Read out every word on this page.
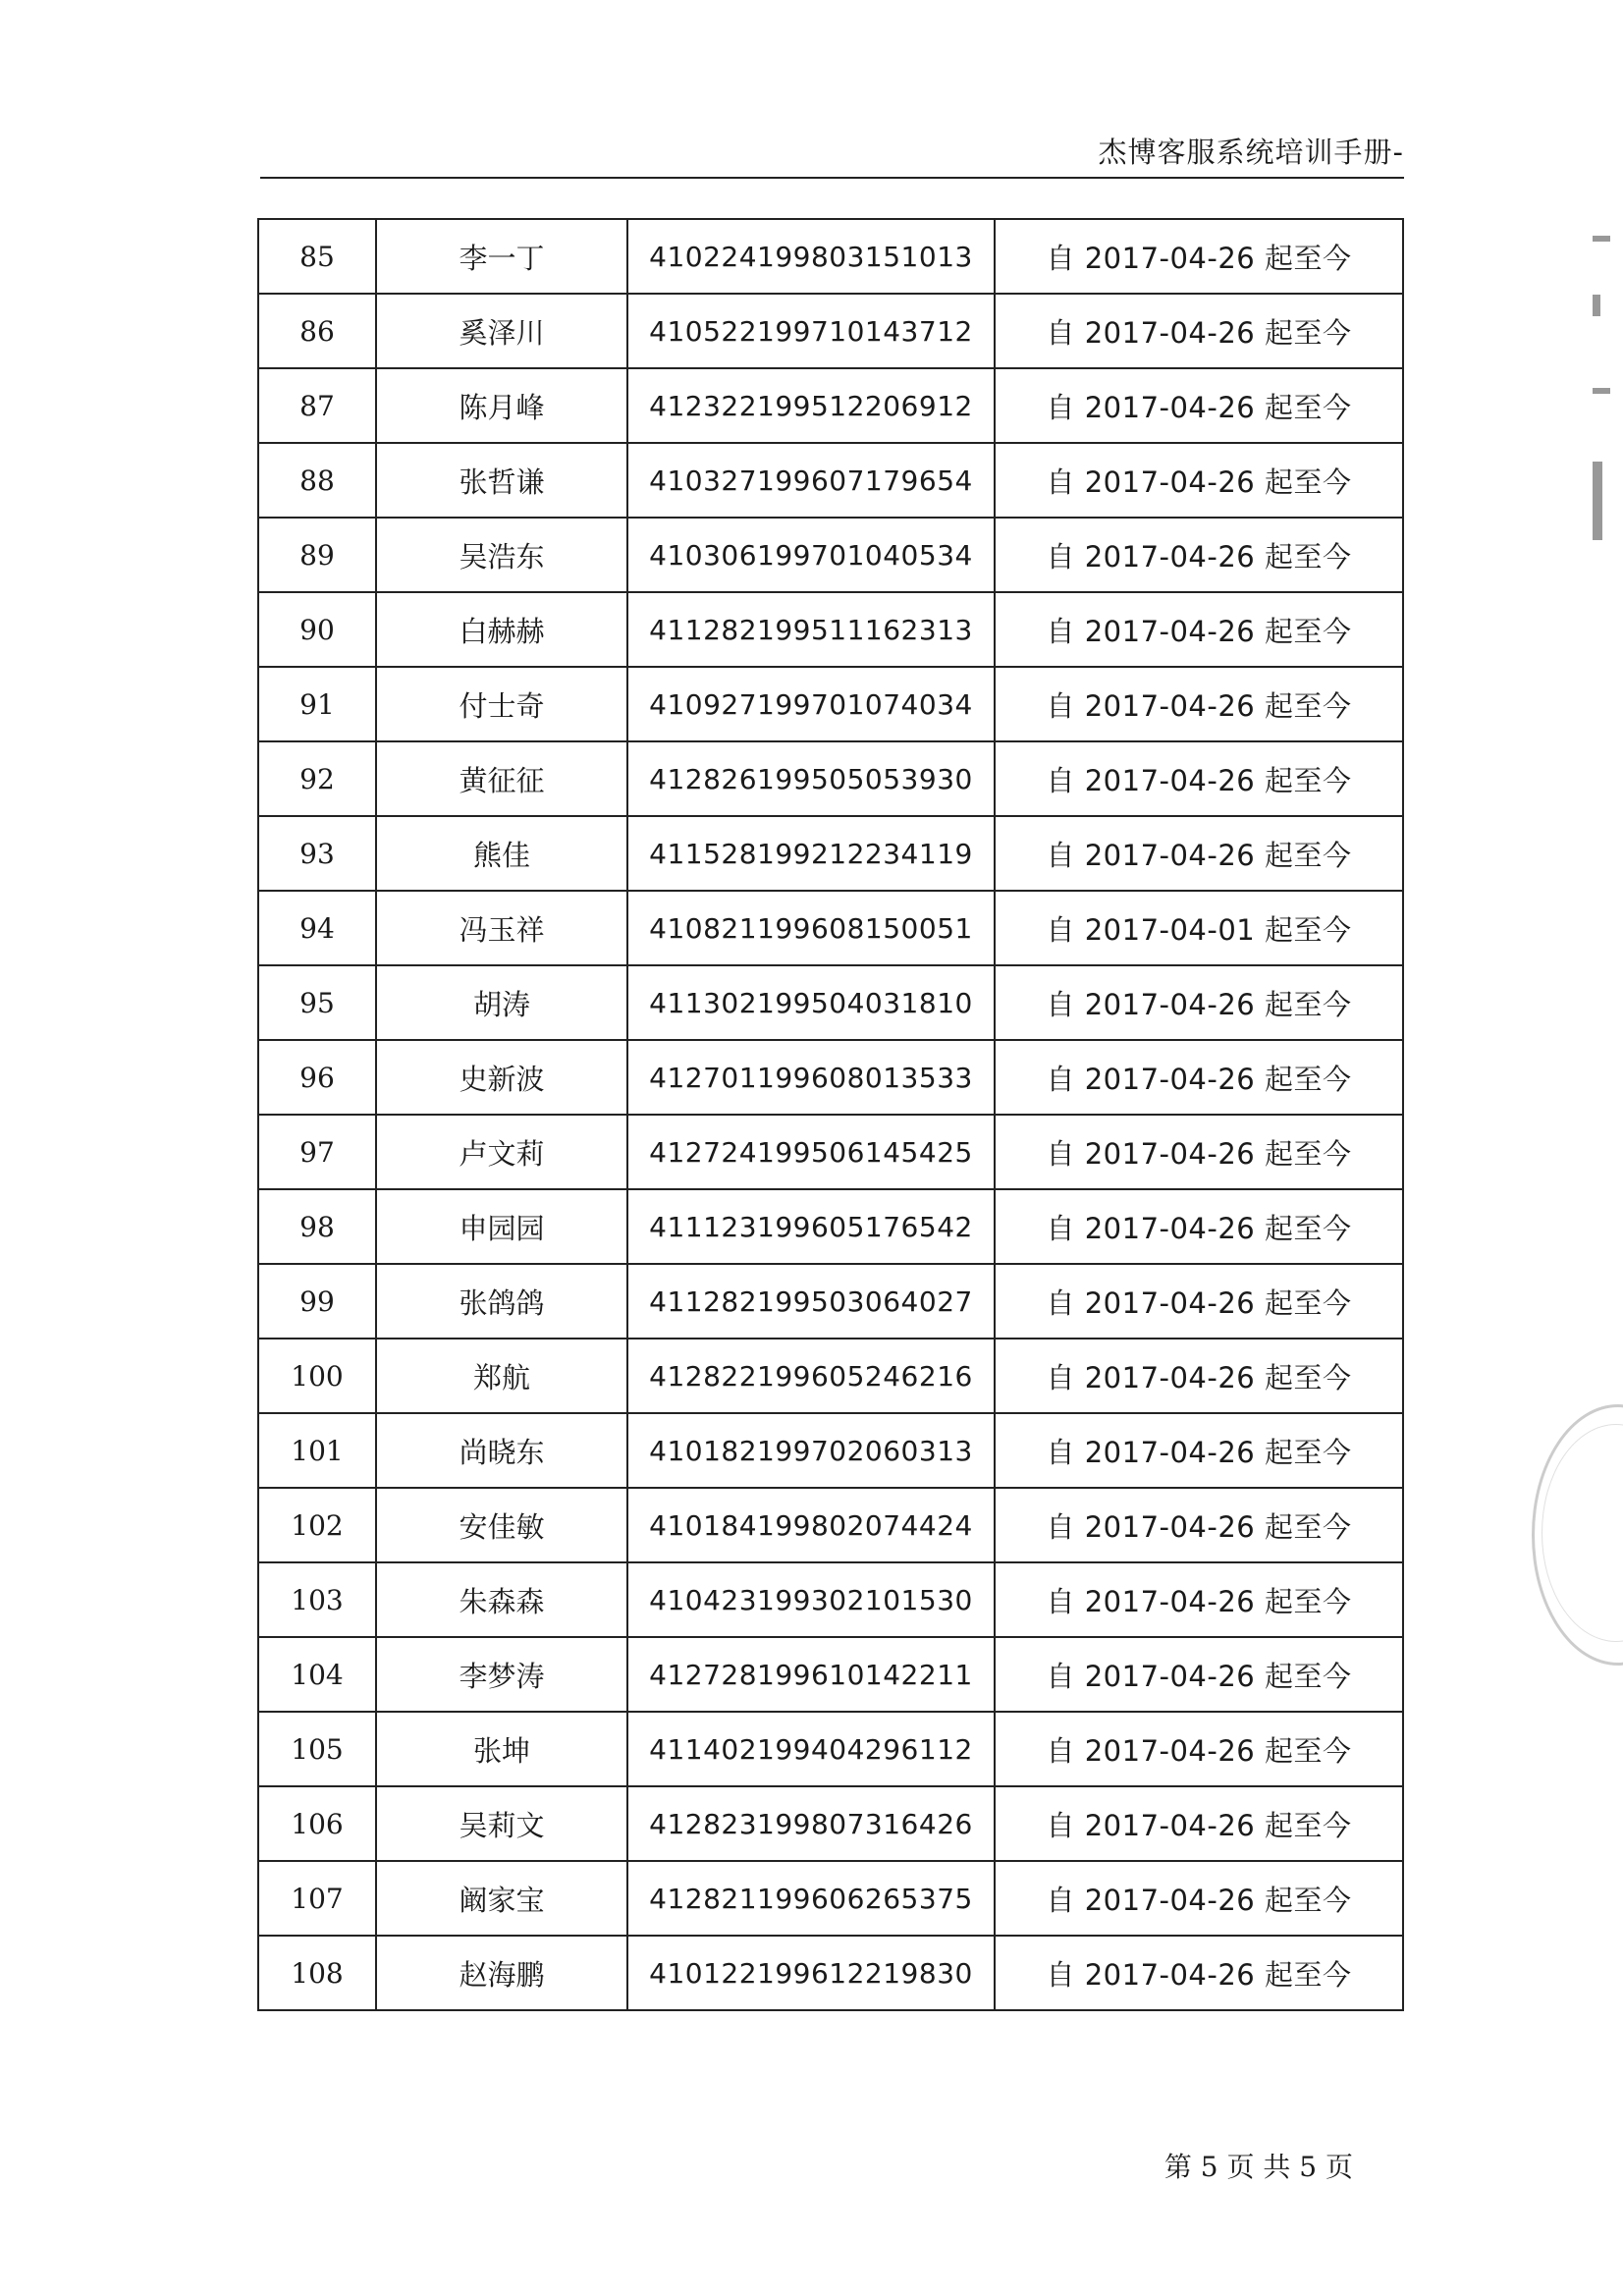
杰博客服系统培训手册-
85	李一丁	410224199803151013	自 2017-04-26 起至今
86	奚泽川	410522199710143712	自 2017-04-26 起至今
87	陈月峰	412322199512206912	自 2017-04-26 起至今
88	张哲谦	410327199607179654	自 2017-04-26 起至今
89	吴浩东	410306199701040534	自 2017-04-26 起至今
90	白赫赫	411282199511162313	自 2017-04-26 起至今
91	付士奇	410927199701074034	自 2017-04-26 起至今
92	黄征征	412826199505053930	自 2017-04-26 起至今
93	熊佳	411528199212234119	自 2017-04-26 起至今
94	冯玉祥	410821199608150051	自 2017-04-01 起至今
95	胡涛	411302199504031810	自 2017-04-26 起至今
96	史新波	412701199608013533	自 2017-04-26 起至今
97	卢文莉	412724199506145425	自 2017-04-26 起至今
98	申园园	411123199605176542	自 2017-04-26 起至今
99	张鸽鸽	411282199503064027	自 2017-04-26 起至今
100	郑航	412822199605246216	自 2017-04-26 起至今
101	尚晓东	410182199702060313	自 2017-04-26 起至今
102	安佳敏	410184199802074424	自 2017-04-26 起至今
103	朱森森	410423199302101530	自 2017-04-26 起至今
104	李梦涛	412728199610142211	自 2017-04-26 起至今
105	张坤	411402199404296112	自 2017-04-26 起至今
106	吴莉文	412823199807316426	自 2017-04-26 起至今
107	阚家宝	412821199606265375	自 2017-04-26 起至今
108	赵海鹏	410122199612219830	自 2017-04-26 起至今
第 5 页 共 5 页
